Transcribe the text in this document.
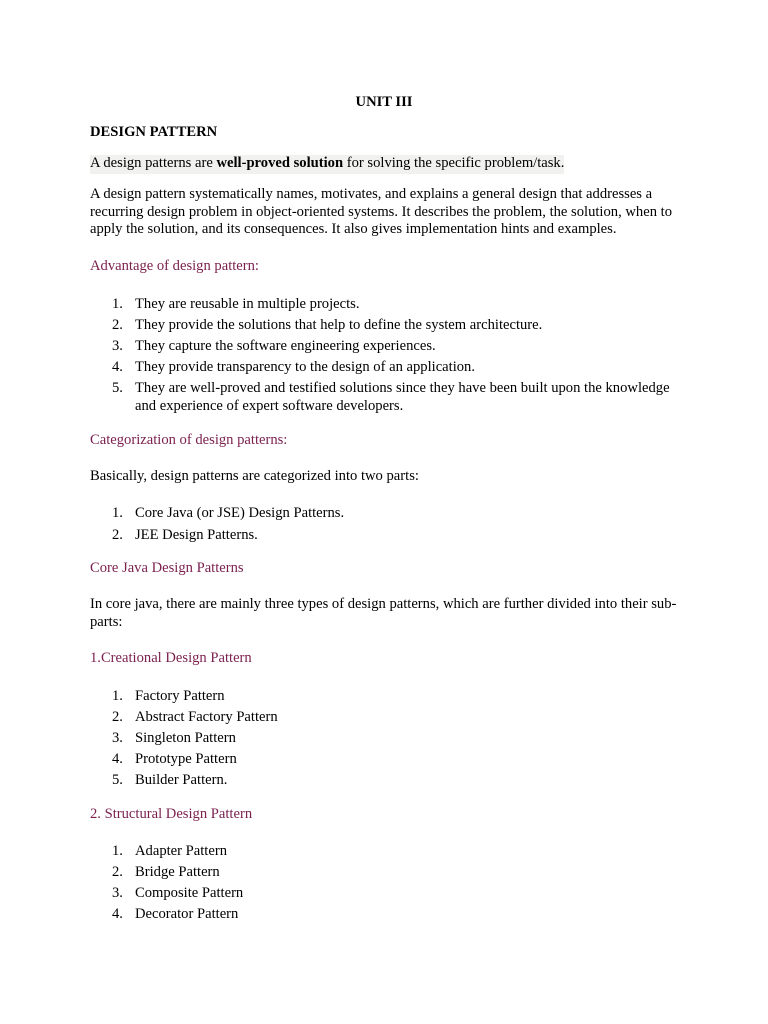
UNIT III

DESIGN PATTERN

A design patterns are well-proved solution for solving the specific problem/task.

A design pattern systematically names, motivates, and explains a general design that addresses a recurring design problem in object-oriented systems. It describes the problem, the solution, when to apply the solution, and its consequences. It also gives implementation hints and examples.

Advantage of design pattern:

1. They are reusable in multiple projects.
2. They provide the solutions that help to define the system architecture.
3. They capture the software engineering experiences.
4. They provide transparency to the design of an application.
5. They are well-proved and testified solutions since they have been built upon the knowledge and experience of expert software developers.

Categorization of design patterns:

Basically, design patterns are categorized into two parts:

1. Core Java (or JSE) Design Patterns.
2. JEE Design Patterns.

Core Java Design Patterns

In core java, there are mainly three types of design patterns, which are further divided into their sub-parts:

1.Creational Design Pattern

1. Factory Pattern
2. Abstract Factory Pattern
3. Singleton Pattern
4. Prototype Pattern
5. Builder Pattern.

2. Structural Design Pattern

1. Adapter Pattern
2. Bridge Pattern
3. Composite Pattern
4. Decorator Pattern
